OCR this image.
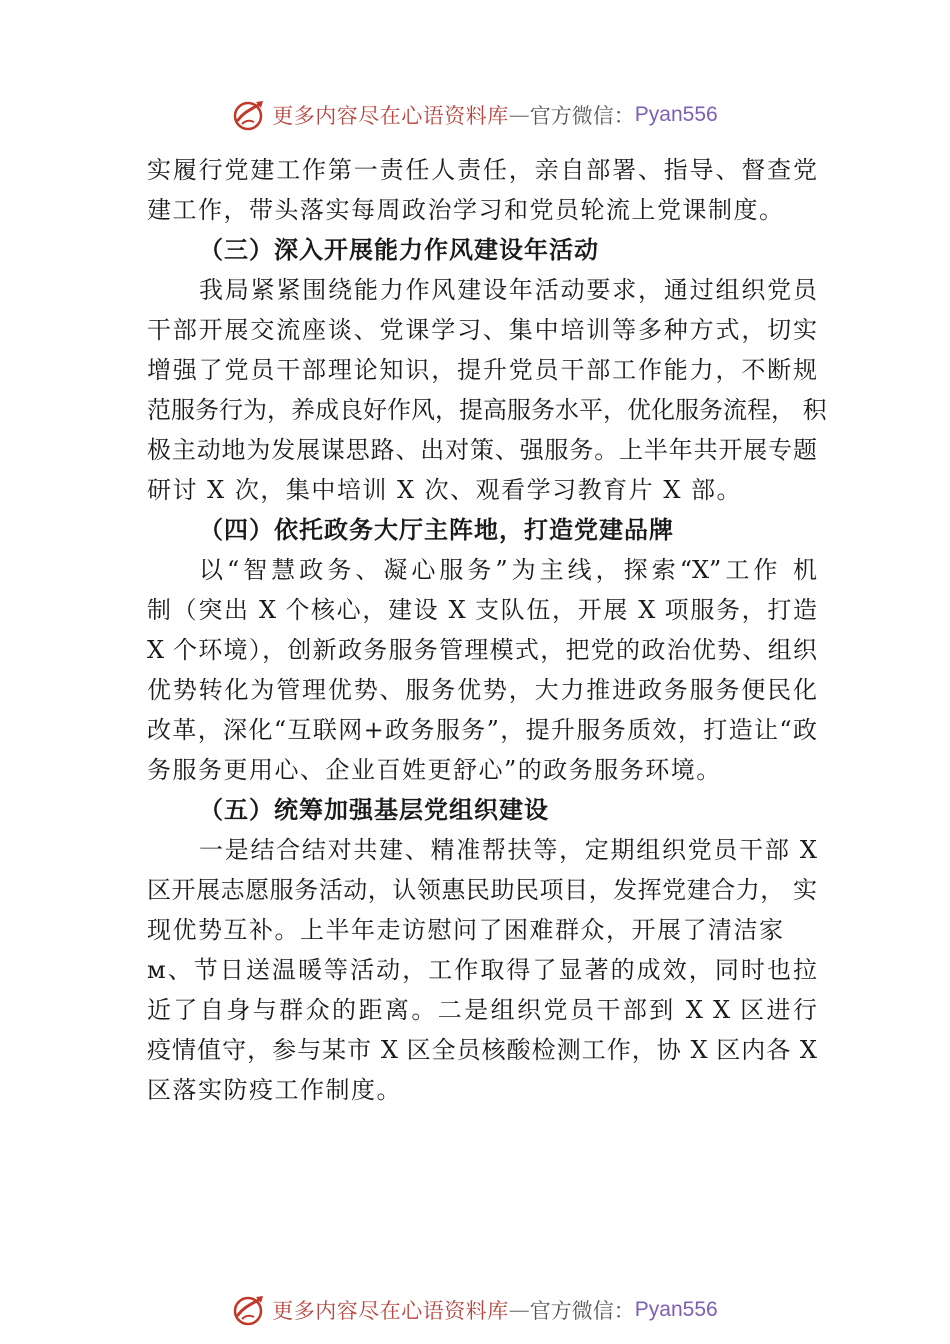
更多内容尽在心语资料库 — 官方微信： Pyan556
实履行党建工作第一责任人责任，亲自部署、指导、督查党
建工作，带头落实每周政治学习和党员轮流上党课制度。
（三）深入开展能力作风建设年活动
我局紧紧围绕能力作风建设年活动要求，通过组织党员
干部开展交流座谈、党课学习、集中培训等多种方式，切实
增强了党员干部理论知识，提升党员干部工作能力，不断规
范服务行为，养成良好作风，提高服务水平，优化服务流程， 积
极主动地为发展谋思路、出对策、强服务。上半年共开展专题
研讨 X 次，集中培训 X 次、观看学习教育片 X 部。
（四）依托政务大厅主阵地，打造党建品牌
以“智慧政务、凝心服务”为主线，探索“X”工作 机
制（突出 X 个核心，建设 X 支队伍，开展 X 项服务，打造
X 个环境），创新政务服务管理模式，把党的政治优势、组织
优势转化为管理优势、服务优势，大力推进政务服务便民化
改革，深化“互联网+政务服务”，提升服务质效，打造让“政
务服务更用心、企业百姓更舒心”的政务服务环境。
（五）统筹加强基层党组织建设
一是结合结对共建、精准帮扶等，定期组织党员干部 X
区开展志愿服务活动，认领惠民助民项目，发挥党建合力， 实
现优势互补。上半年走访慰问了困难群众，开展了清洁家
м、节日送温暖等活动，工作取得了显著的成效，同时也拉
近了自身与群众的距离。二是组织党员干部到 X X 区进行
疫情值守，参与某市 X 区全员核酸检测工作，协 X 区内各 X
区落实防疫工作制度。
更多内容尽在心语资料库 — 官方微信： Pyan556
